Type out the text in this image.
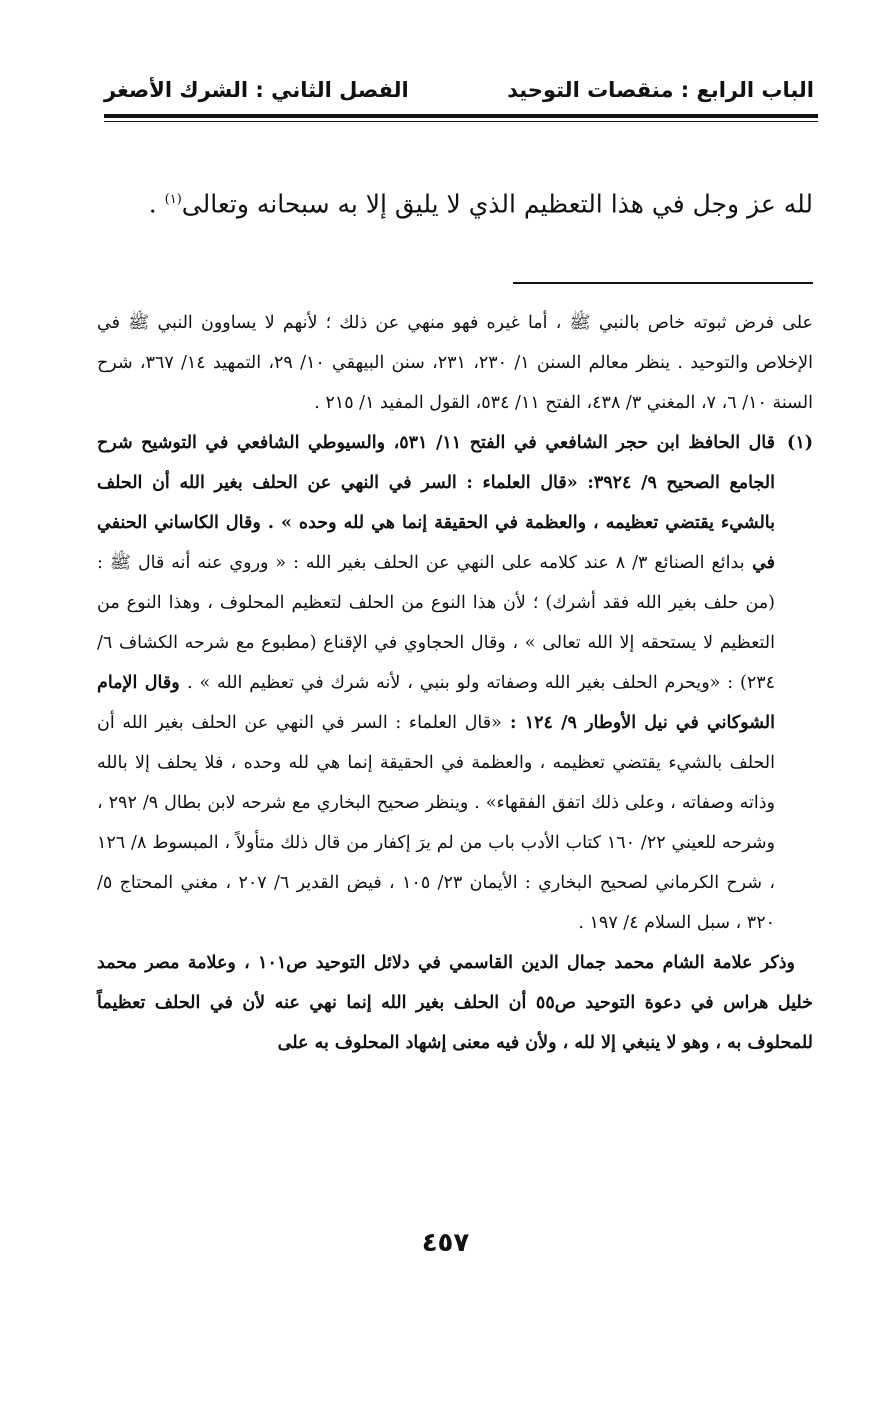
الباب الرابع : منقصات التوحيد
الفصل الثاني : الشرك الأصغر
لله عز وجل في هذا التعظيم الذي لا يليق إلا به سبحانه وتعالى$^{(١)}$ .

على فرض ثبوته خاص بالنبي ﷺ ، أما غيره فهو منهي عن ذلك ؛ لأنهم لا يساوون النبي ﷺ في الإخلاص والتوحيد . ينظر معالم السنن ١/ ٢٣٠، ٢٣١، سنن البيهقي ١٠/ ٢٩، التمهيد ١٤/ ٣٦٧، شرح السنة ١٠/ ٦، ٧، المغني ٣/ ٤٣٨، الفتح ١١/ ٥٣٤، القول المفيد ١/ ٢١٥ .

(١)
قال الحافظ ابن حجر الشافعي في الفتح ١١/ ٥٣١، والسيوطي الشافعي في التوشيح شرح الجامع الصحيح ٩/ ٣٩٢٤: «قال العلماء : السر في النهي عن الحلف بغير الله أن الحلف بالشيء يقتضي تعظيمه ، والعظمة في الحقيقة إنما هي لله وحده » . وقال الكاساني الحنفي في بدائع الصنائع ٣/ ٨ عند كلامه على النهي عن الحلف بغير الله : « وروي عنه أنه قال ﷺ : (من حلف بغير الله فقد أشرك) ؛ لأن هذا النوع من الحلف لتعظيم المحلوف ، وهذا النوع من التعظيم لا يستحقه إلا الله تعالى » ، وقال الحجاوي في الإقناع (مطبوع مع شرحه الكشاف ٦/ ٢٣٤) : «ويحرم الحلف بغير الله وصفاته ولو بنبي ، لأنه شرك في تعظيم الله » . وقال الإمام الشوكاني في نيل الأوطار ٩/ ١٢٤ : «قال العلماء : السر في النهي عن الحلف بغير الله أن الحلف بالشيء يقتضي تعظيمه ، والعظمة في الحقيقة إنما هي لله وحده ، فلا يحلف إلا بالله وذاته وصفاته ، وعلى ذلك اتفق الفقهاء» . وينظر صحيح البخاري مع شرحه لابن بطال ٩/ ٢٩٢ ، وشرحه للعيني ٢٢/ ١٦٠ كتاب الأدب باب من لم يرَ إكفار من قال ذلك متأولاً ، المبسوط ٨/ ١٢٦ ، شرح الكرماني لصحيح البخاري : الأيمان ٢٣/ ١٠٥ ، فيض القدير ٦/ ٢٠٧ ، مغني المحتاج ٥/ ٣٢٠ ، سبل السلام ٤/ ١٩٧ .

وذكر علامة الشام محمد جمال الدين القاسمي في دلائل التوحيد ص١٠١ ، وعلامة مصر محمد خليل هراس في دعوة التوحيد ص٥٥ أن الحلف بغير الله إنما نهي عنه لأن في الحلف تعظيماً للمحلوف به ، وهو لا ينبغي إلا لله ، ولأن فيه معنى إشهاد المحلوف به على

٤٥٧
